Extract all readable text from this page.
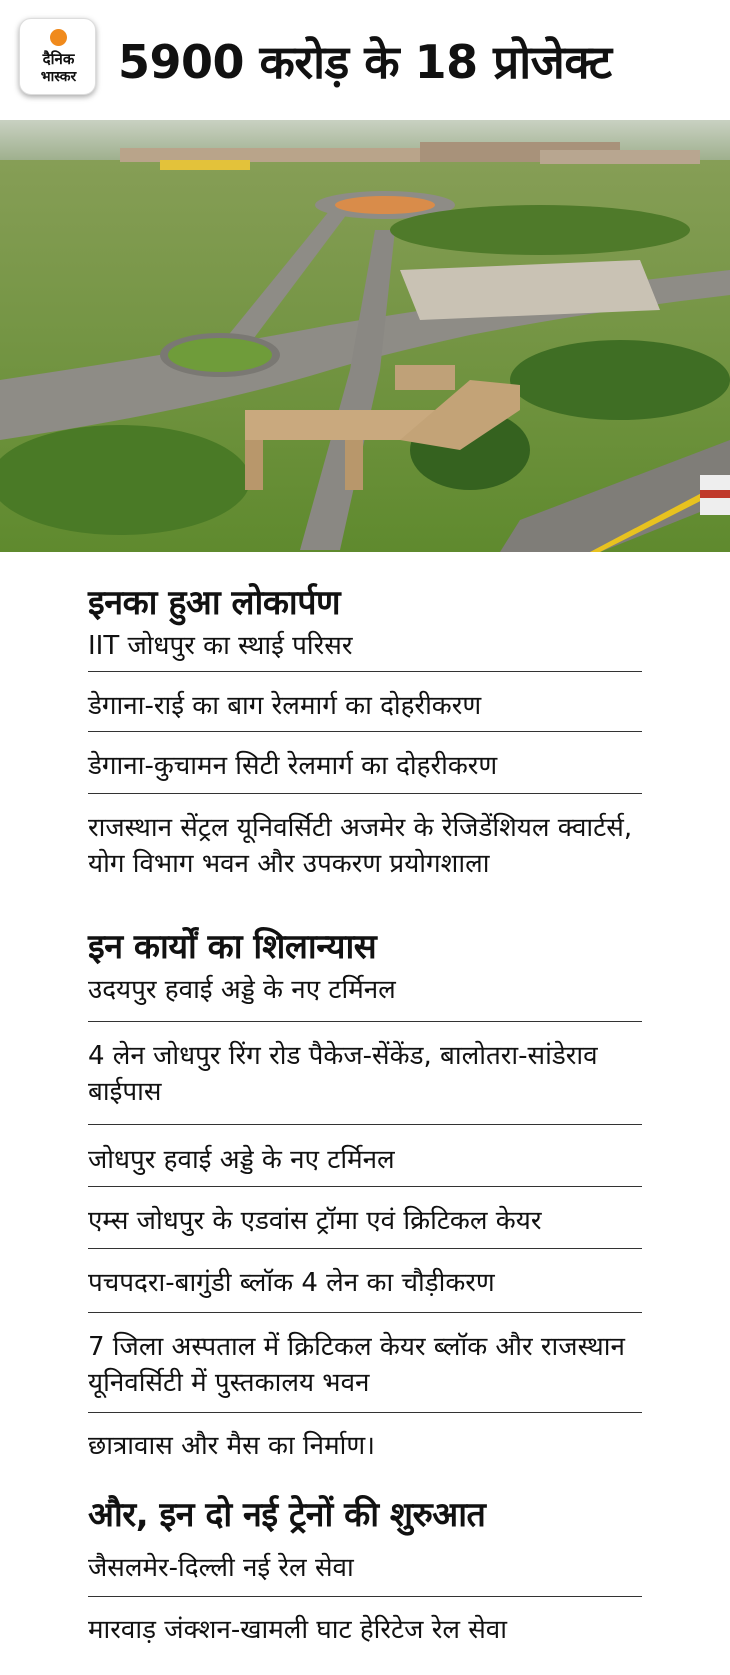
दैनिक
भास्कर 5900 करोड़ के 18 प्रोजेक्ट
इनका हुआ लोकार्पण
IIT जोधपुर का स्थाई परिसर
डेगाना-राई का बाग रेलमार्ग का दोहरीकरण
डेगाना-कुचामन सिटी रेलमार्ग का दोहरीकरण
राजस्थान सेंट्रल यूनिवर्सिटी अजमेर के रेजिडेंशियल क्वार्टर्स, योग विभाग भवन और उपकरण प्रयोगशाला
इन कार्यों का शिलान्यास
उदयपुर हवाई अड्डे के नए टर्मिनल
4 लेन जोधपुर रिंग रोड पैकेज-सेंकेंड, बालोतरा-सांडेराव बाईपास
जोधपुर हवाई अड्डे के नए टर्मिनल
एम्स जोधपुर के एडवांस ट्रॉमा एवं क्रिटिकल केयर
पचपदरा-बागुंडी ब्लॉक 4 लेन का चौड़ीकरण
7 जिला अस्पताल में क्रिटिकल केयर ब्लॉक और राजस्थान यूनिवर्सिटी में पुस्तकालय भवन
छात्रावास और मैस का निर्माण।
और, इन दो नई ट्रेनों की शुरुआत
जैसलमेर-दिल्ली नई रेल सेवा
मारवाड़ जंक्शन-खामली घाट हेरिटेज रेल सेवा
